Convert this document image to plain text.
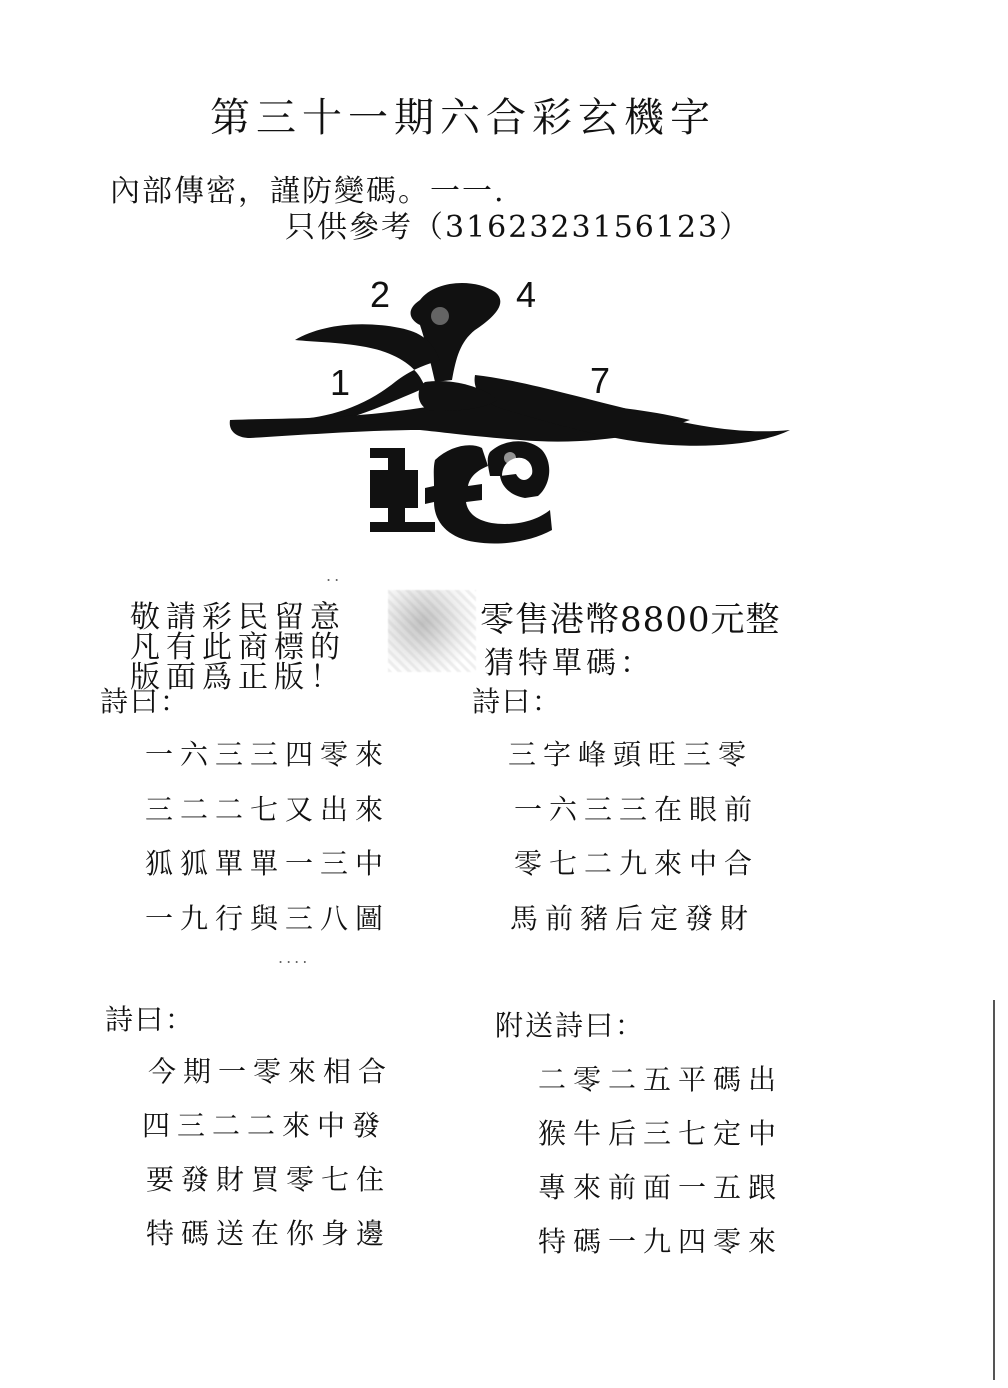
第三十一期六合彩玄機字
內部傳密，謹防變碼。一一.
只供參考（3162323156123）
2	4
1	7
..
敬請彩民留意
凡有此商標的
版面爲正版！
零售港幣8800元整
猜特單碼：
詩曰：
一六三三四零來
三二二七又出來
狐狐單單一三中
一九行與三八圖
詩曰：
三字峰頭旺三零
一六三三在眼前
零七二九來中合
馬前豬后定發財
....
詩曰：
今期一零來相合
四三二二來中發
要發財買零七住
特碼送在你身邊
附送詩曰：
二零二五平碼出
猴牛后三七定中
專來前面一五跟
特碼一九四零來
